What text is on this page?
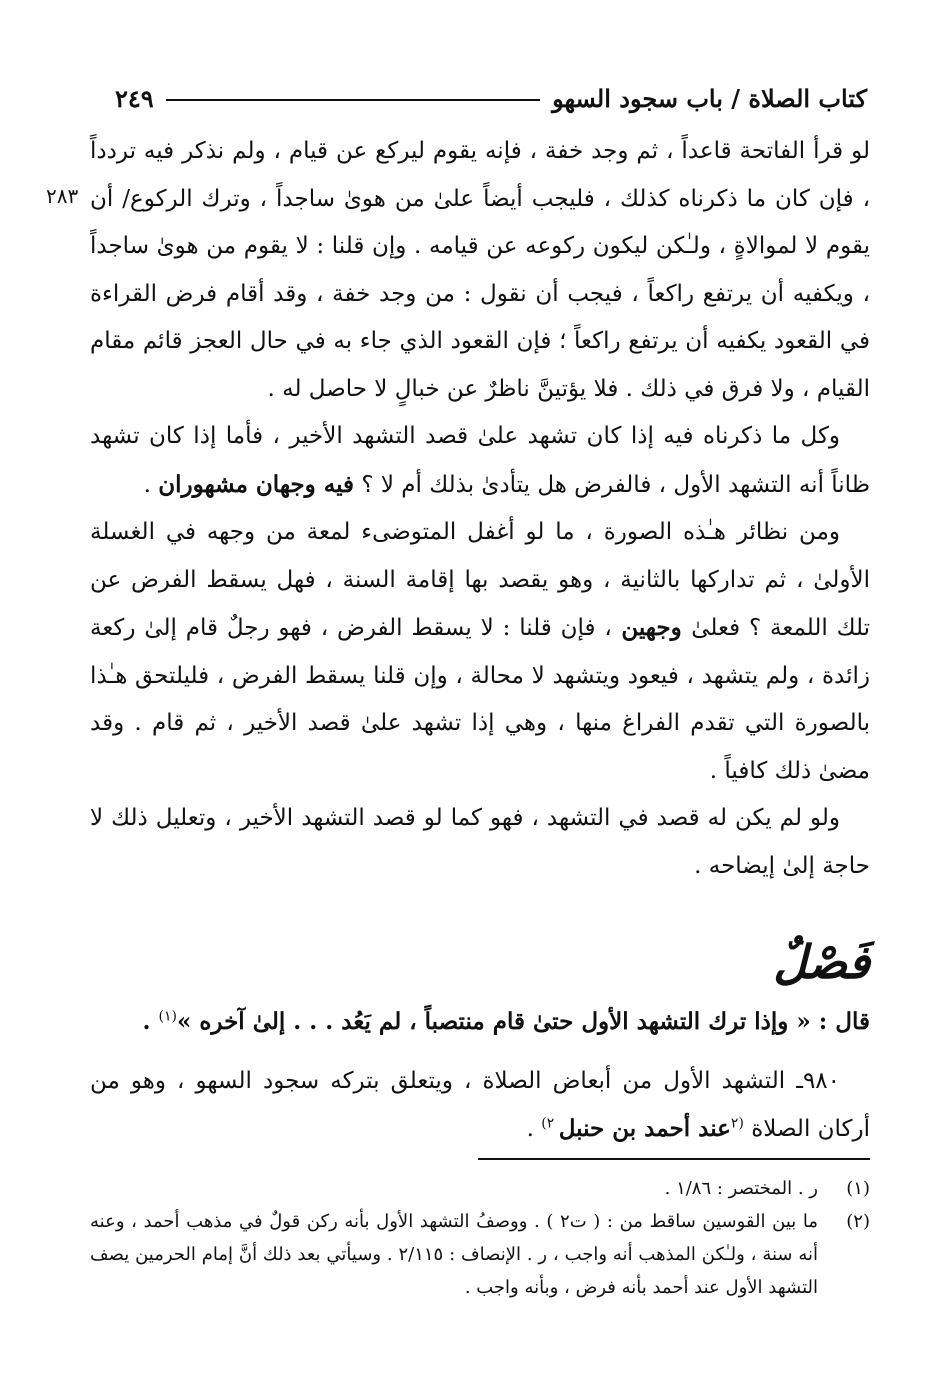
كتاب الصلاة / باب سجود السهو
٢٤٩
٢٨٣

لو قرأ الفاتحة قاعداً ، ثم وجد خفة ، فإنه يقوم ليركع عن قيام ، ولم نذكر فيه تردداً ، فإن كان ما ذكرناه كذلك ، فليجب أيضاً علىٰ من هوىٰ ساجداً ، وترك الركوع/ أن يقوم لا لموالاةٍ ، ولـٰكن ليكون ركوعه عن قيامه . وإن قلنا : لا يقوم من هوىٰ ساجداً ، ويكفيه أن يرتفع راكعاً ، فيجب أن نقول : من وجد خفة ، وقد أقام فرض القراءة في القعود يكفيه أن يرتفع راكعاً ؛ فإن القعود الذي جاء به في حال العجز قائم مقام القيام ، ولا فرق في ذلك . فلا يؤتينَّ ناظرٌ عن خبالٍ لا حاصل له .

وكل ما ذكرناه فيه إذا كان تشهد علىٰ قصد التشهد الأخير ، فأما إذا كان تشهد ظاناً أنه التشهد الأول ، فالفرض هل يتأدىٰ بذلك أم لا ؟ فيه وجهان مشهوران .

ومن نظائر هـٰذه الصورة ، ما لو أغفل المتوضىء لمعة من وجهه في الغسلة الأولىٰ ، ثم تداركها بالثانية ، وهو يقصد بها إقامة السنة ، فهل يسقط الفرض عن تلك اللمعة ؟ فعلىٰ وجهين ، فإن قلنا : لا يسقط الفرض ، فهو رجلٌ قام إلىٰ ركعة زائدة ، ولم يتشهد ، فيعود ويتشهد لا محالة ، وإن قلنا يسقط الفرض ، فليلتحق هـٰذا بالصورة التي تقدم الفراغ منها ، وهي إذا تشهد علىٰ قصد الأخير ، ثم قام . وقد مضىٰ ذلك كافياً .

ولو لم يكن له قصد في التشهد ، فهو كما لو قصد التشهد الأخير ، وتعليل ذلك لا حاجة إلىٰ إيضاحه .

فَصْلٌ
قال : « وإذا ترك التشهد الأول حتىٰ قام منتصباً ، لم يَعُد . . . إلىٰ آخره »$^{(١)}$ .

٩٨٠ـ التشهد الأول من أبعاض الصلاة ، ويتعلق بتركه سجود السهو ، وهو من أركان الصلاة $^{(٢}$عند أحمد بن حنبل $^{٢)}$ .

(١)
ر . المختصر : ١/٨٦ .
(٢)
ما بين القوسين ساقط من : ( ت٢ ) . ووصفُ التشهد الأول بأنه ركن قولٌ في مذهب أحمد ، وعنه أنه سنة ، ولـٰكن المذهب أنه واجب ، ر . الإنصاف : ٢/١١٥ . وسيأتي بعد ذلك أنَّ إمام الحرمين يصف التشهد الأول عند أحمد بأنه فرض ، وبأنه واجب .
